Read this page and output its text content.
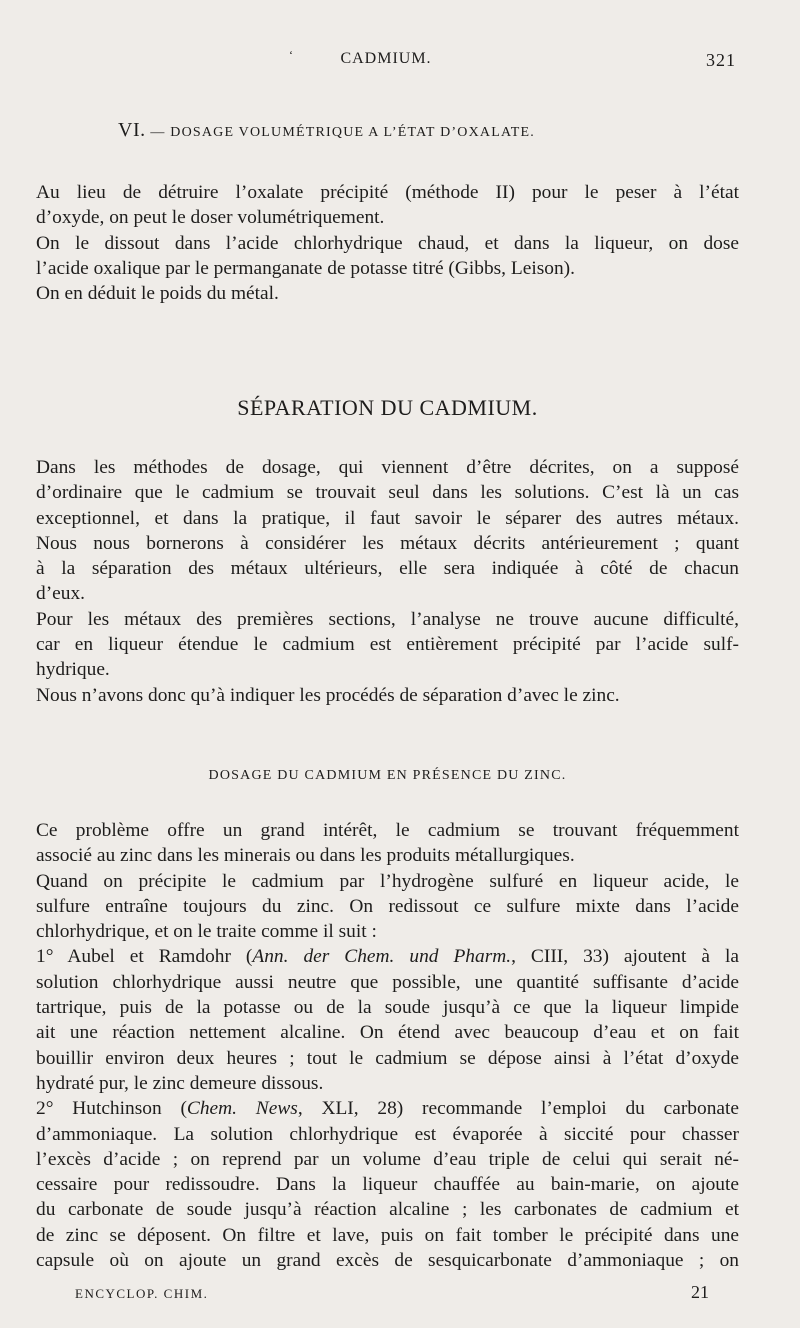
‘	CADMIUM.	321
VI. — DOSAGE VOLUMÉTRIQUE A L’ÉTAT D’OXALATE.
Au lieu de détruire l’oxalate précipité (méthode II) pour le peser à l’état
d’oxyde, on peut le doser volumétriquement.
On le dissout dans l’acide chlorhydrique chaud, et dans la liqueur, on dose
l’acide oxalique par le permanganate de potasse titré (Gibbs, Leison).
On en déduit le poids du métal.
SÉPARATION DU CADMIUM.
Dans les méthodes de dosage, qui viennent d’être décrites, on a supposé
d’ordinaire que le cadmium se trouvait seul dans les solutions. C’est là un cas
exceptionnel, et dans la pratique, il faut savoir le séparer des autres métaux.
Nous nous bornerons à considérer les métaux décrits antérieurement ; quant
à la séparation des métaux ultérieurs, elle sera indiquée à côté de chacun
d’eux.
Pour les métaux des premières sections, l’analyse ne trouve aucune difficulté,
car en liqueur étendue le cadmium est entièrement précipité par l’acide sulf-
hydrique.
Nous n’avons donc qu’à indiquer les procédés de séparation d’avec le zinc.
DOSAGE DU CADMIUM EN PRÉSENCE DU ZINC.
Ce problème offre un grand intérêt, le cadmium se trouvant fréquemment
associé au zinc dans les minerais ou dans les produits métallurgiques.
Quand on précipite le cadmium par l’hydrogène sulfuré en liqueur acide, le
sulfure entraîne toujours du zinc. On redissout ce sulfure mixte dans l’acide
chlorhydrique, et on le traite comme il suit :
1° Aubel et Ramdohr (Ann. der Chem. und Pharm., CIII, 33) ajoutent à la
solution chlorhydrique aussi neutre que possible, une quantité suffisante d’acide
tartrique, puis de la potasse ou de la soude jusqu’à ce que la liqueur limpide
ait une réaction nettement alcaline. On étend avec beaucoup d’eau et on fait
bouillir environ deux heures ; tout le cadmium se dépose ainsi à l’état d’oxyde
hydraté pur, le zinc demeure dissous.
2° Hutchinson (Chem. News, XLI, 28) recommande l’emploi du carbonate
d’ammoniaque. La solution chlorhydrique est évaporée à siccité pour chasser
l’excès d’acide ; on reprend par un volume d’eau triple de celui qui serait né-
cessaire pour redissoudre. Dans la liqueur chauffée au bain-marie, on ajoute
du carbonate de soude jusqu’à réaction alcaline ; les carbonates de cadmium et
de zinc se déposent. On filtre et lave, puis on fait tomber le précipité dans une
capsule où on ajoute un grand excès de sesquicarbonate d’ammoniaque ; on
ENCYCLOP. CHIM.	21
